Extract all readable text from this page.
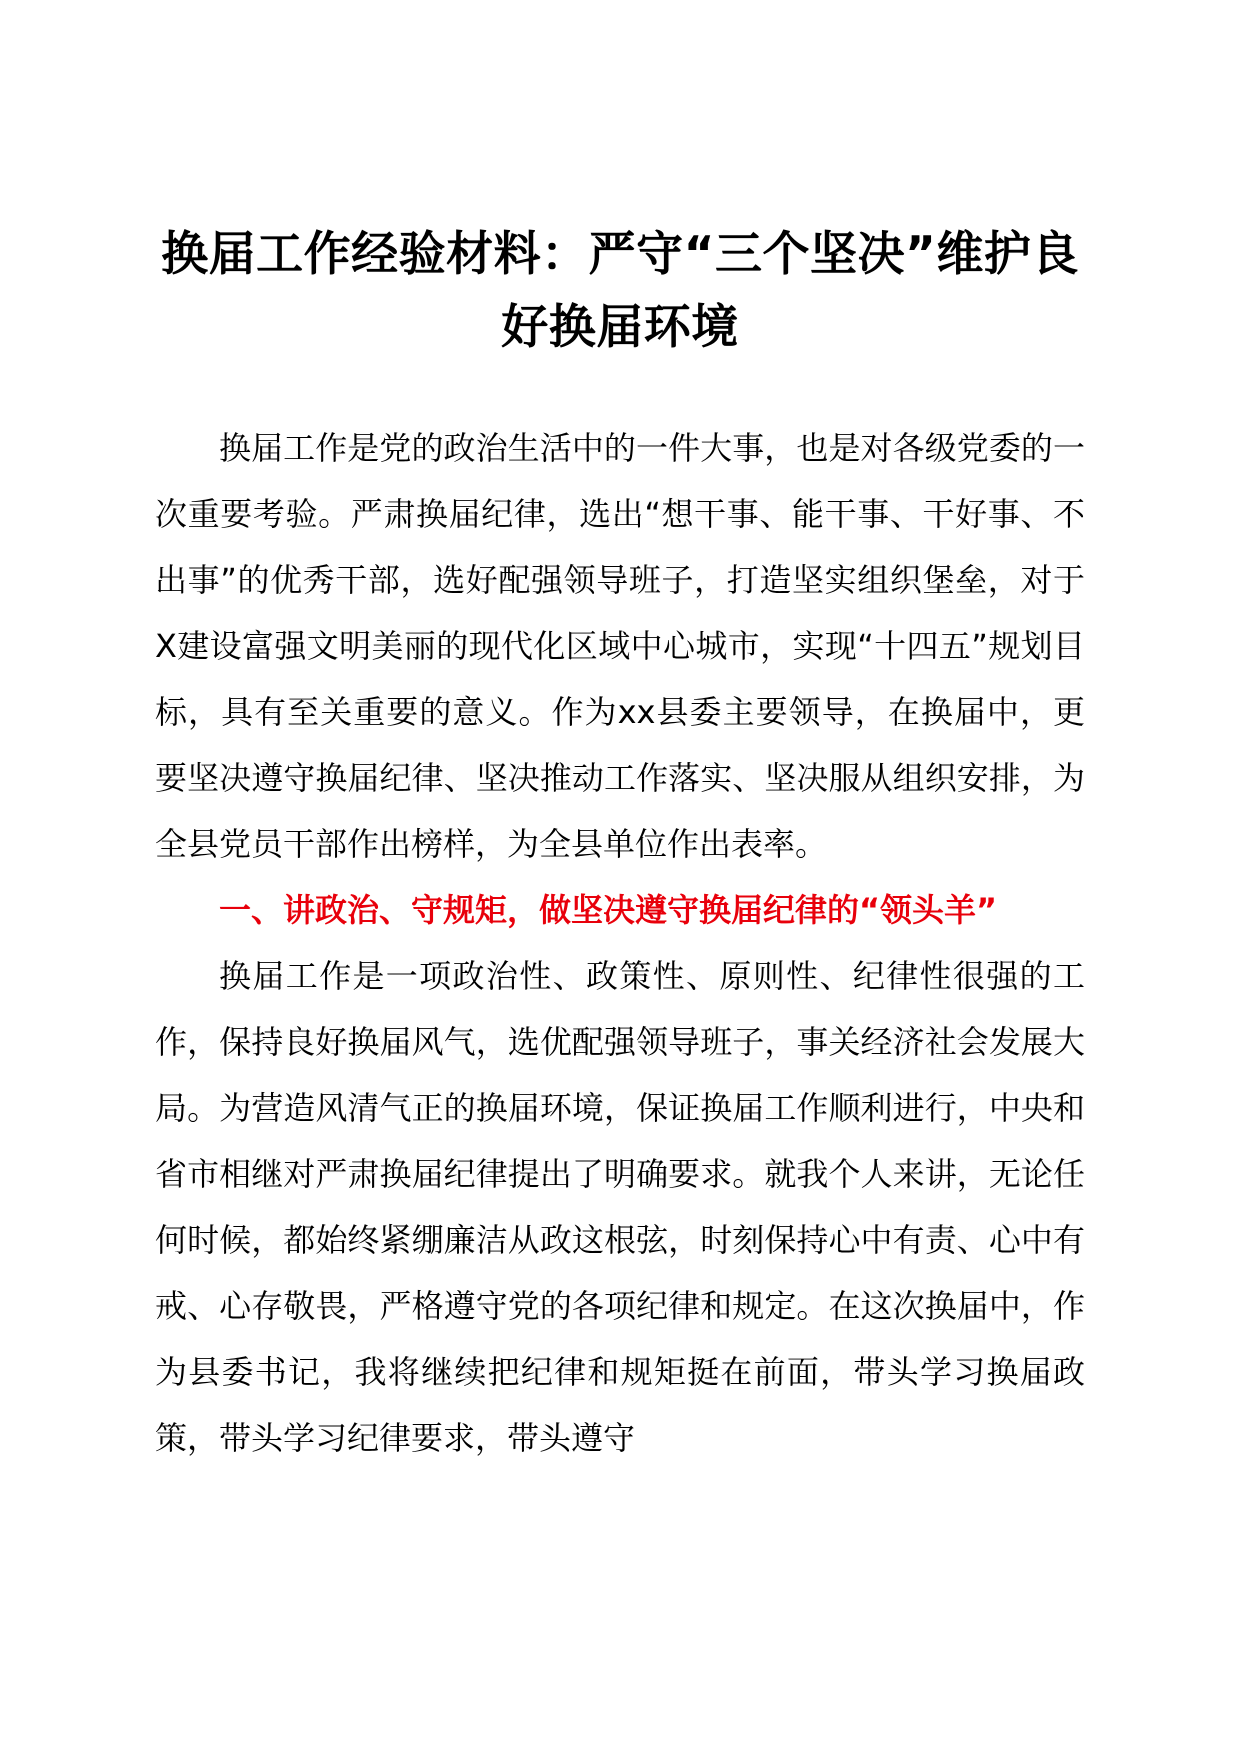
换届工作经验材料：严守“三个坚决”维护良
好换届环境

换届工作是党的政治生活中的一件大事，也是对各级党委的一次重要考验。严肃换届纪律，选出“想干事、能干事、干好事、不出事”的优秀干部，选好配强领导班子，打造坚实组织堡垒，对于X建设富强文明美丽的现代化区域中心城市，实现“十四五”规划目标，具有至关重要的意义。作为xx县委主要领导，在换届中，更要坚决遵守换届纪律、坚决推动工作落实、坚决服从组织安排，为全县党员干部作出榜样，为全县单位作出表率。

一、讲政治、守规矩，做坚决遵守换届纪律的“领头羊”

换届工作是一项政治性、政策性、原则性、纪律性很强的工作，保持良好换届风气，选优配强领导班子，事关经济社会发展大局。为营造风清气正的换届环境，保证换届工作顺利进行，中央和省市相继对严肃换届纪律提出了明确要求。就我个人来讲，无论任何时候，都始终紧绷廉洁从政这根弦，时刻保持心中有责、心中有戒、心存敬畏，严格遵守党的各项纪律和规定。在这次换届中，作为县委书记，我将继续把纪律和规矩挺在前面，带头学习换届政策，带头学习纪律要求，带头遵守
